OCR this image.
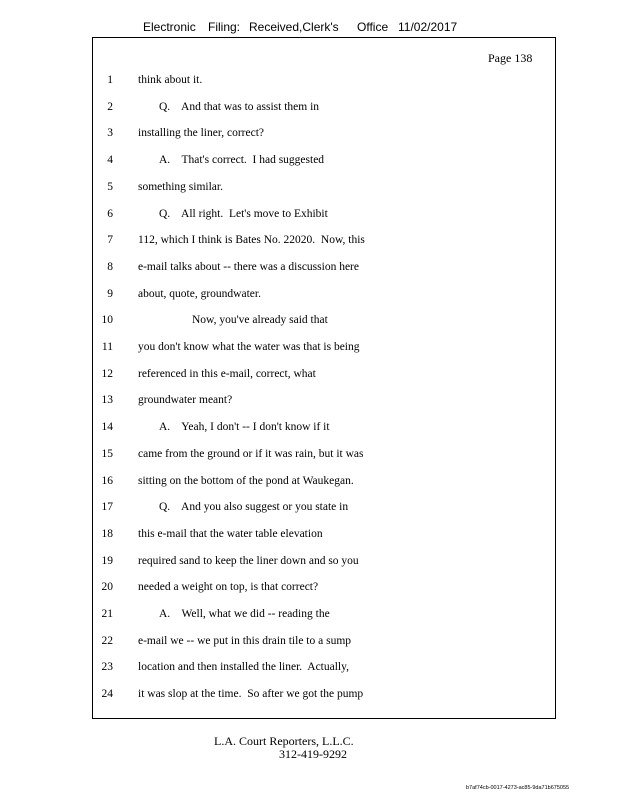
Electronic Filing: Received,Clerk's Office 11/02/2017
Page 138
1 think about it.
2	Q.    And that was to assist them in
3 installing the liner, correct?
4	A.    That's correct.  I had suggested
5 something similar.
6	Q.    All right.  Let's move to Exhibit
7 112, which I think is Bates No. 22020.  Now, this
8 e-mail talks about -- there was a discussion here
9 about, quote, groundwater.
10	Now, you've already said that
11 you don't know what the water was that is being
12 referenced in this e-mail, correct, what
13 groundwater meant?
14	A.    Yeah, I don't -- I don't know if it
15 came from the ground or if it was rain, but it was
16 sitting on the bottom of the pond at Waukegan.
17	Q.    And you also suggest or you state in
18 this e-mail that the water table elevation
19 required sand to keep the liner down and so you
20 needed a weight on top, is that correct?
21	A.    Well, what we did -- reading the
22 e-mail we -- we put in this drain tile to a sump
23 location and then installed the liner.  Actually,
24 it was slop at the time.  So after we got the pump
L.A. Court Reporters, L.L.C.
312-419-9292
b7af74cb-0017-4273-ac85-9da71b675055
